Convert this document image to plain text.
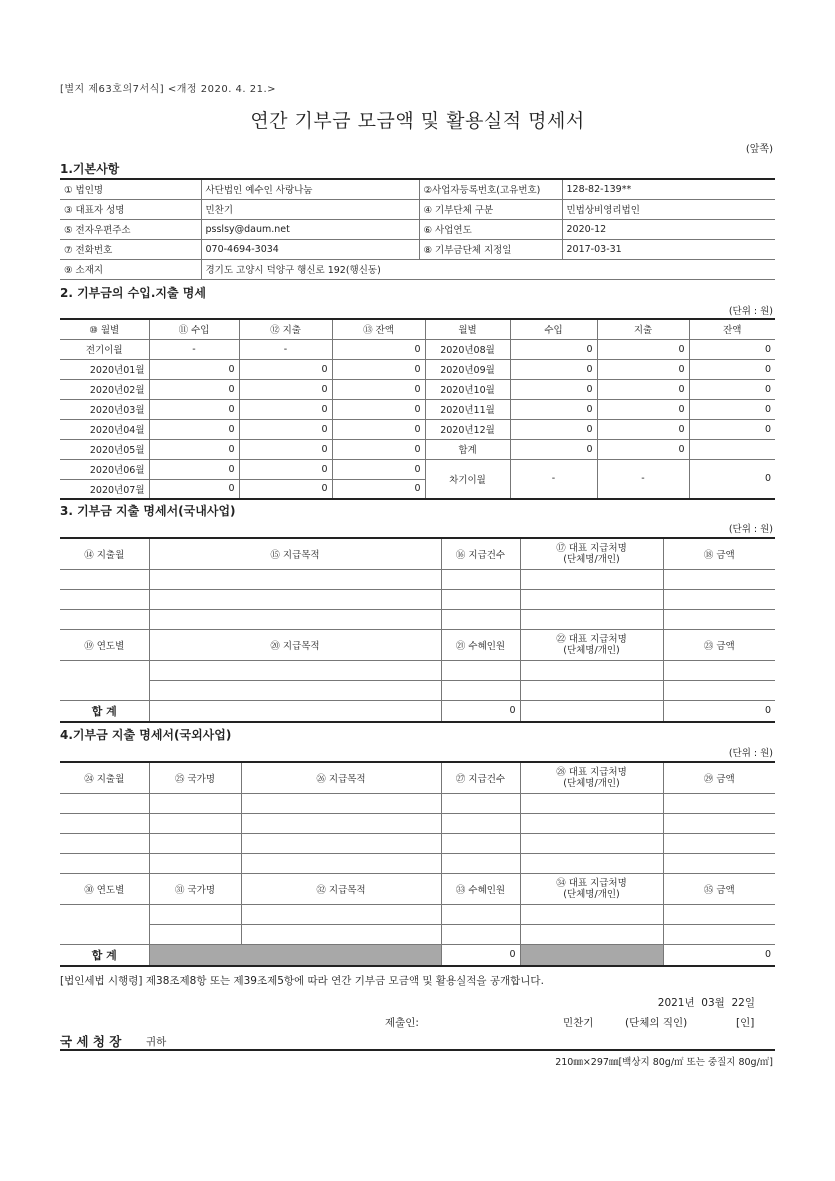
[별지 제63호의7서식] <개정 2020. 4. 21.>
연간 기부금 모금액 및 활용실적 명세서
(앞쪽)
1.기본사항
① 법인명	사단법인 예수인 사랑나눔	②사업자등록번호(고유번호)	128-82-139**
③ 대표자 성명	민찬기	④ 기부단체 구분	민법상비영리법인
⑤ 전자우편주소	psslsy@daum.net	⑥ 사업연도	2020-12
⑦ 전화번호	070-4694-3034	⑧ 기부금단체 지정일	2017-03-31
⑨ 소재지	경기도 고양시 덕양구 행신로 192(행신동)		
2. 기부금의 수입.지출 명세
(단위 : 원)
⑩ 월별	⑪ 수입	⑫ 지출	⑬ 잔액	월별	수입	지출	잔액
전기이월	-	-	0	2020년08월	0	0	0
2020년01월	0	0	0	2020년09월	0	0	0
2020년02월	0	0	0	2020년10월	0	0	0
2020년03월	0	0	0	2020년11월	0	0	0
2020년04월	0	0	0	2020년12월	0	0	0
2020년05월	0	0	0	합계	0	0	
2020년06월	0	0	0	차기이월	-	-	0
2020년07월	0	0	0				
3. 기부금 지출 명세서(국내사업)
(단위 : 원)
⑭ 지출월	⑮ 지급목적	⑯ 지급건수	⑰ 대표 지급처명
(단체명/개인)	⑱ 금액

⑲ 연도별	⑳ 지급목적	㉑ 수혜인원	㉒ 대표 지급처명
(단체명/개인)	㉓ 금액

합 계		0		0
4.기부금 지출 명세서(국외사업)
(단위 : 원)
㉔ 지출월	㉕ 국가명	㉖ 지급목적	㉗ 지급건수	㉘ 대표 지급처명
(단체명/개인)	㉙ 금액

㉚ 연도별	㉛ 국가명	㉜ 지급목적	㉝ 수혜인원	㉞ 대표 지급처명
(단체명/개인)	㉟ 금액

합 계			0		0
[법인세법 시행령] 제38조제8항 또는 제39조제5항에 따라 연간 기부금 모금액 및 활용실적을 공개합니다.
2021년  03월  22일
제출인:	민찬기	(단체의 직인)	[인]
국 세 청 장 귀하
210㎜×297㎜[백상지 80g/㎡ 또는 중질지 80g/㎡]
